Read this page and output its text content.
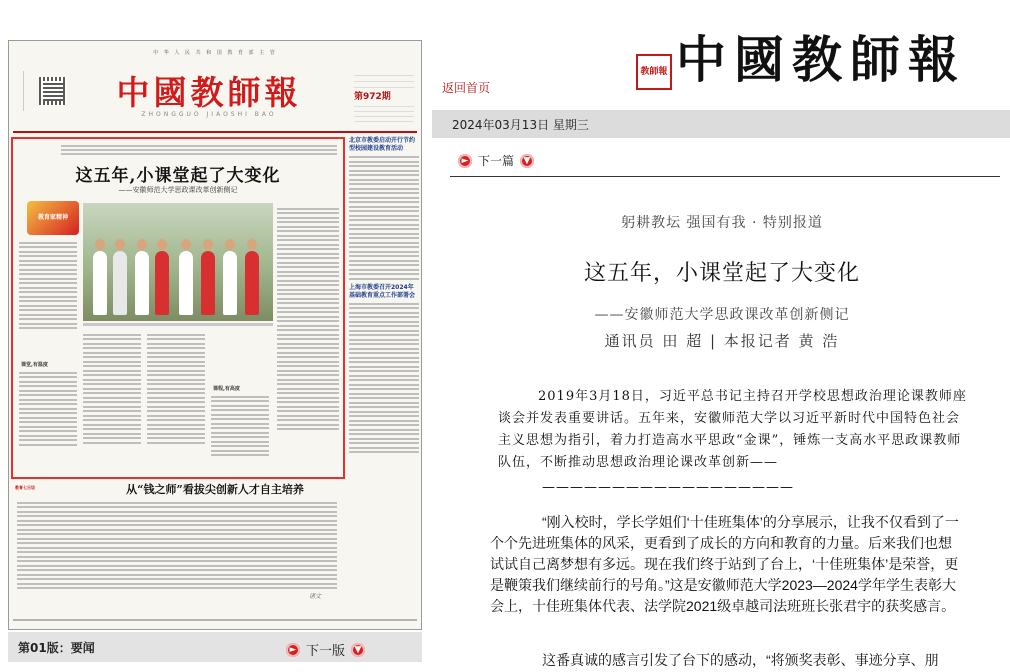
中 华 人 民 共 和 国 教 育 部 主 管
中國教師報
ZHONGGUO JIAOSHI BAO
第972期
这五年,小课堂起了大变化
——安徽师范大学思政课改革创新侧记
教育家精神
课堂,有温度
课程,有高度
北京市教委启动开行节约型校园建设教育活动
上海市教委召开2024年基础教育重点工作部署会
教育七日谈	从“钱之师”看拔尖创新人才自主培养
诸文
第01版：要闻	► 下一版	▼
教師報 中國教師報
返回首页
2024年03月13日 星期三
► 下一篇	▼
躬耕教坛 强国有我 · 特别报道
这五年，小课堂起了大变化
——安徽师范大学思政课改革创新侧记
通讯员 田 超 | 本报记者 黄 浩

2019年3月18日，习近平总书记主持召开学校思想政治理论课教师座谈会并发表重要讲话。五年来，安徽师范大学以习近平新时代中国特色社会主义思想为指引，着力打造高水平思政“金课”，锤炼一支高水平思政课教师队伍，不断推动思想政治理论课改革创新——

——————————————————

“刚入校时，学长学姐们‘十佳班集体’的分享展示，让我不仅看到了一个个先进班集体的风采，更看到了成长的方向和教育的力量。后来我们也想试试自己离梦想有多远。现在我们终于站到了台上，‘十佳班集体’是荣誉，更是鞭策我们继续前行的号角。”这是安徽师范大学2023—2024学年学生表彰大会上，十佳班集体代表、法学院2021级卓越司法班班长张君宇的获奖感言。

这番真诚的感言引发了台下的感动，“将颁奖表彰、事迹分享、朋
